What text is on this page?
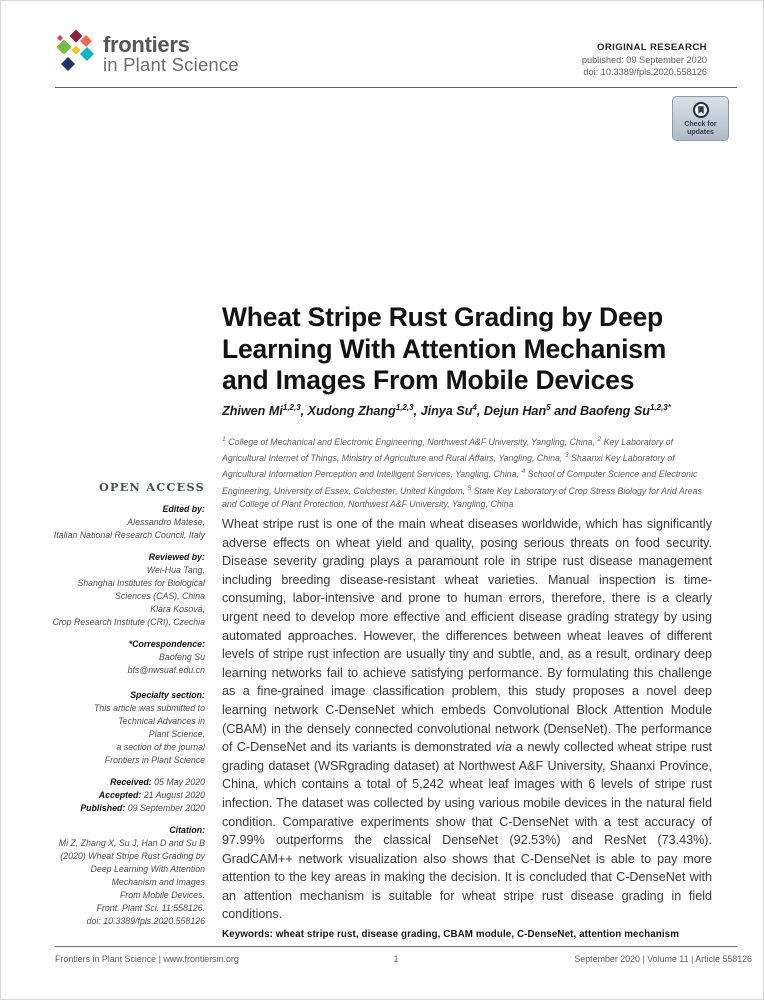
frontiers
in Plant Science
ORIGINAL RESEARCH
published: 09 September 2020
doi: 10.3389/fpls.2020.558126
Check for
updates
Wheat Stripe Rust Grading by Deep
Learning With Attention Mechanism
and Images From Mobile Devices
Zhiwen Mi$^{1,2,3}$, Xudong Zhang$^{1,2,3}$, Jinya Su$^4$, Dejun Han$^5$ and Baofeng $Su^{1,2,3*}$
$^1$ College of Mechanical and Electronic Engineering, Northwest A&F University, Yangling, China, $^2$ Key Laboratory of Agricultural Internet of Things, Ministry of Agriculture and Rural Affairs, Yangling, China, $^3$ Shaanxi Key Laboratory of Agricultural Information Perception and Intelligent Services, Yangling, China, $^4$ School of Computer Science and Electronic Engineering, University of Essex, Colchester, United Kingdom, $^5$ State Key Laboratory of Crop Stress Biology for Arid Areas and College of Plant Protection, Northwest A&F University, Yangling, China
OPEN ACCESS
Edited by:
Alessandro Matese,
Italian National Research Council, Italy
Reviewed by:
Wei-Hua Tang,
Shanghai Institutes for Biological
Sciences (CAS), China
Klára Kosová,
Crop Research Institute (CRI), Czechia
*Correspondence:
Baofeng Su
bfs@nwsuaf.edu.cn
Specialty section:
This article was submitted to
Technical Advances in
Plant Science,
a section of the journal
Frontiers in Plant Science
Received: 05 May 2020
Accepted: 21 August 2020
Published: 09 September 2020
Citation:
Mi Z, Zhang X, Su J, Han D and Su B
(2020) Wheat Stripe Rust Grading by
Deep Learning With Attention
Mechanism and Images
From Mobile Devices.
Front. Plant Sci. 11:558126.
doi: 10.3389/fpls.2020.558126
Wheat stripe rust is one of the main wheat diseases worldwide, which has significantly adverse effects on wheat yield and quality, posing serious threats on food security. Disease severity grading plays a paramount role in stripe rust disease management including breeding disease-resistant wheat varieties. Manual inspection is time-consuming, labor-intensive and prone to human errors, therefore, there is a clearly urgent need to develop more effective and efficient disease grading strategy by using automated approaches. However, the differences between wheat leaves of different levels of stripe rust infection are usually tiny and subtle, and, as a result, ordinary deep learning networks fail to achieve satisfying performance. By formulating this challenge as a fine-grained image classification problem, this study proposes a novel deep learning network C-DenseNet which embeds Convolutional Block Attention Module (CBAM) in the densely connected convolutional network (DenseNet). The performance of C-DenseNet and its variants is demonstrated via a newly collected wheat stripe rust grading dataset (WSRgrading dataset) at Northwest A&F University, Shaanxi Province, China, which contains a total of 5,242 wheat leaf images with 6 levels of stripe rust infection. The dataset was collected by using various mobile devices in the natural field condition. Comparative experiments show that C-DenseNet with a test accuracy of 97.99% outperforms the classical DenseNet (92.53%) and ResNet (73.43%). GradCAM++ network visualization also shows that C-DenseNet is able to pay more attention to the key areas in making the decision. It is concluded that C-DenseNet with an attention mechanism is suitable for wheat stripe rust disease grading in field conditions.
Keywords: wheat stripe rust, disease grading, CBAM module, C-DenseNet, attention mechanism
Frontiers in Plant Science | www.frontiersin.org	1	September 2020 | Volume 11 | Article 558126
